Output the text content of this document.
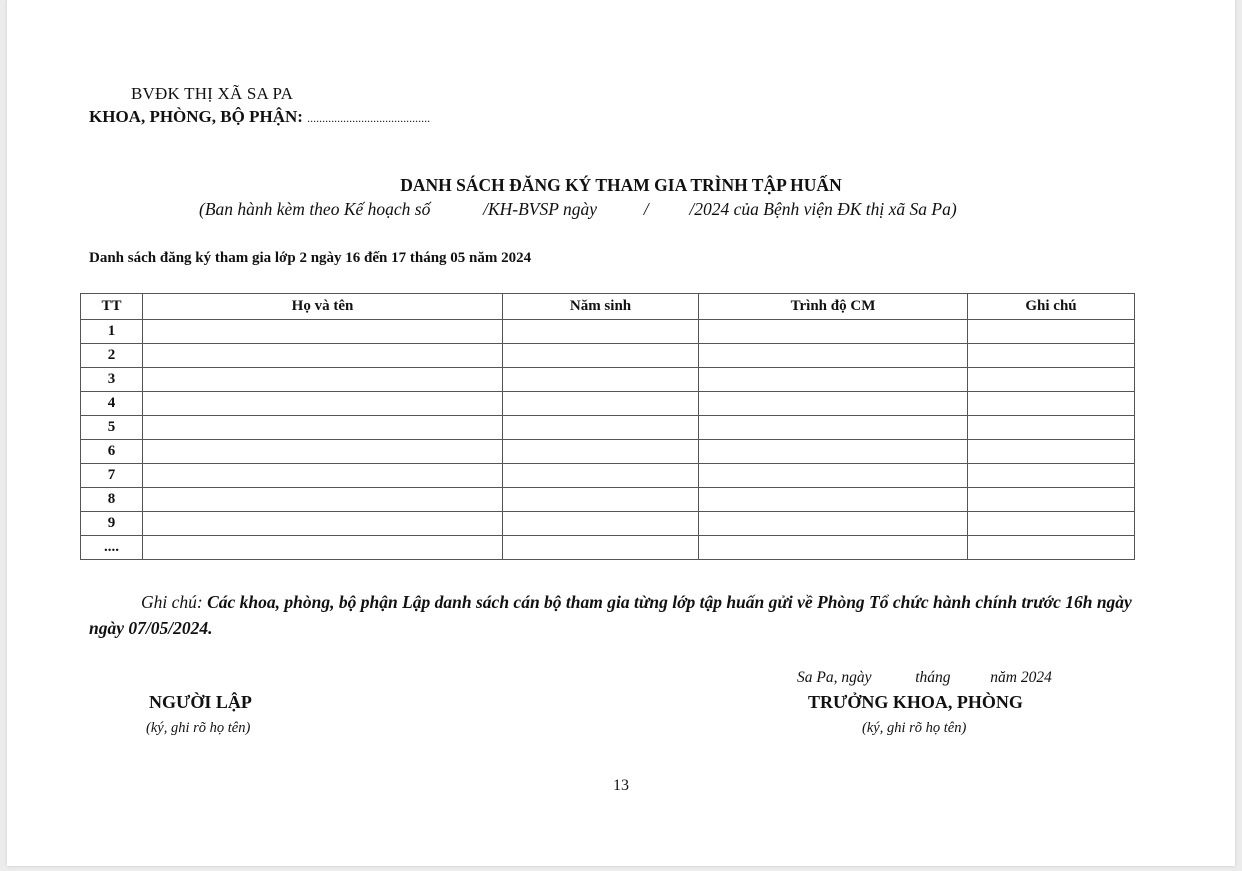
BVĐK THỊ XÃ SA PA
KHOA, PHÒNG, BỘ PHẬN: .........................................
DANH SÁCH ĐĂNG KÝ THAM GIA TRÌNH TẬP HUẤN
(Ban hành kèm theo Kế hoạch số	/KH-BVSP ngày	/ /2024 của Bệnh viện ĐK thị xã Sa Pa)
Danh sách đăng ký tham gia lớp 2 ngày 16 đến 17 tháng 05 năm 2024
TT	Họ và tên	Năm sinh	Trình độ CM	Ghi chú
1				
2				
3				
4				
5				
6				
7				
8				
9				
....				
Ghi chú: Các khoa, phòng, bộ phận Lập danh sách cán bộ tham gia từng lớp tập huấn gửi về Phòng Tổ chức hành chính trước 16h ngày ngày 07/05/2024.
Sa Pa, ngày	tháng	năm 2024
NGƯỜI LẬP
(ký, ghi rõ họ tên)
TRƯỞNG KHOA, PHÒNG
(ký, ghi rõ họ tên)
13
